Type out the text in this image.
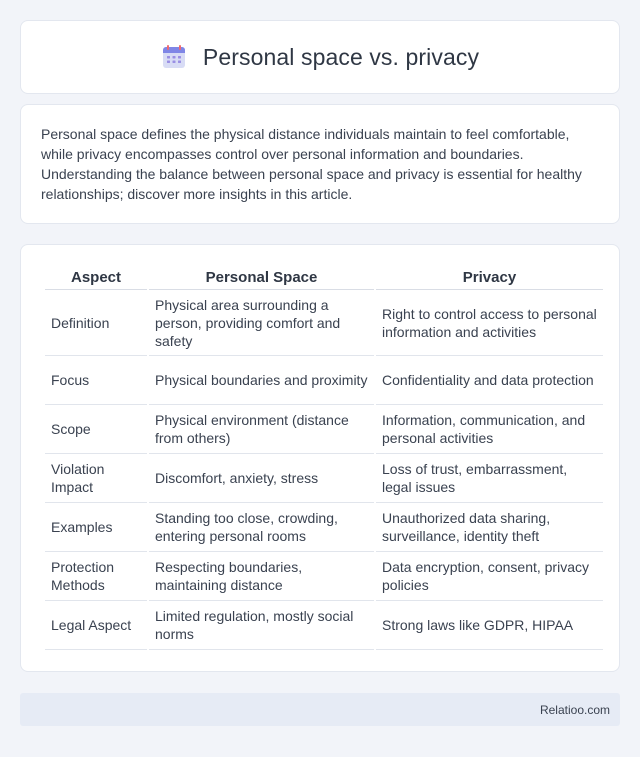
Personal space vs. privacy

Personal space defines the physical distance individuals maintain to feel comfortable, while privacy encompasses control over personal information and boundaries. Understanding the balance between personal space and privacy is essential for healthy relationships; discover more insights in this article.

Aspect	Personal Space	Privacy
Definition	Physical area surrounding a person, providing comfort and safety	Right to control access to personal information and activities
Focus	Physical boundaries and proximity	Confidentiality and data protection
Scope	Physical environment (distance from others)	Information, communication, and personal activities
Violation Impact	Discomfort, anxiety, stress	Loss of trust, embarrassment, legal issues
Examples	Standing too close, crowding, entering personal rooms	Unauthorized data sharing, surveillance, identity theft
Protection Methods	Respecting boundaries, maintaining distance	Data encryption, consent, privacy policies
Legal Aspect	Limited regulation, mostly social norms	Strong laws like GDPR, HIPAA
Relatioo.com
